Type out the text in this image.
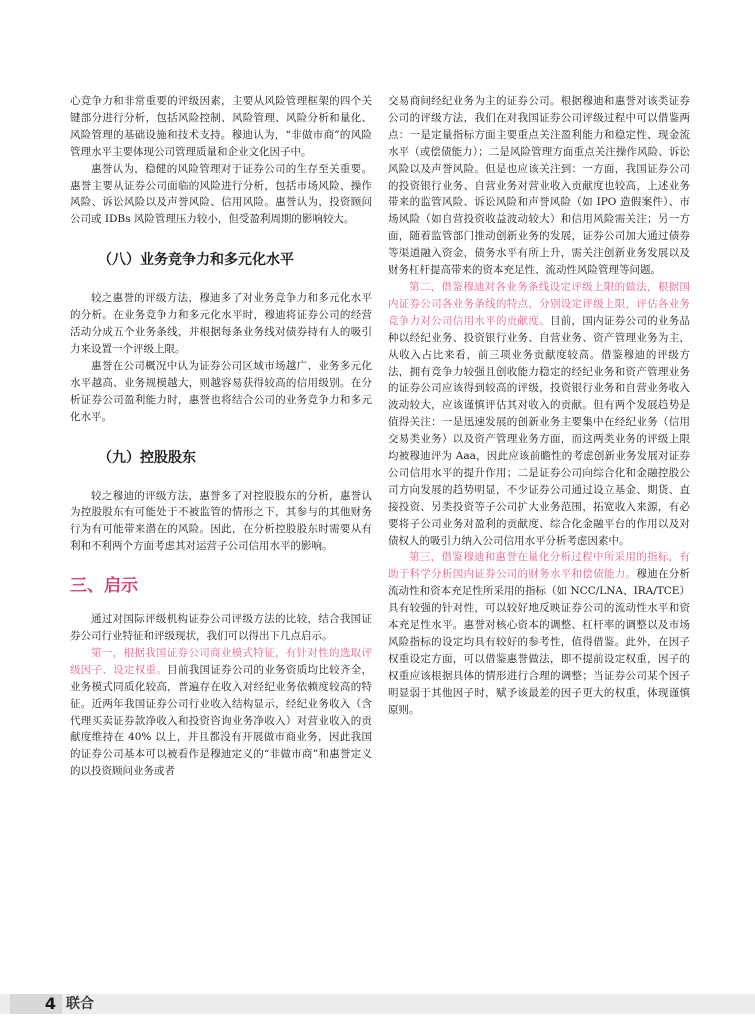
心竞争力和非常重要的评级因素，主要从风险管理框架的四个关键部分进行分析，包括风险控制、风险管理、风险分析和量化、风险管理的基础设施和技术支持。穆迪认为，“非做市商”的风险管理水平主要体现公司管理质量和企业文化因子中。

惠誉认为，稳健的风险管理对于证券公司的生存至关重要。惠誉主要从证券公司面临的风险进行分析，包括市场风险、操作风险、诉讼风险以及声誉风险、信用风险。惠誉认为，投资顾问公司或 IDBs 风险管理压力较小，但受盈利周期的影响较大。

（八）业务竞争力和多元化水平

较之惠誉的评级方法，穆迪多了对业务竞争力和多元化水平的分析。在业务竞争力和多元化水平时，穆迪将证券公司的经营活动分成五个业务条线，并根据每条业务线对债券持有人的吸引力来设置一个评级上限。

惠誉在公司概况中认为证券公司区域市场越广、业务多元化水平越高、业务规模越大，则越容易获得较高的信用级别。在分析证券公司盈利能力时，惠誉也将结合公司的业务竞争力和多元化水平。

（九）控股股东

较之穆迪的评级方法，惠誉多了对控股股东的分析，惠誉认为控股股东有可能处于不被监管的情形之下，其参与的其他财务行为有可能带来潜在的风险。因此，在分析控股股东时需要从有利和不利两个方面考虑其对运营子公司信用水平的影响。

三、启示

通过对国际评级机构证券公司评级方法的比较，结合我国证券公司行业特征和评级现状，我们可以得出下几点启示。

第一，根据我国证券公司商业模式特征，有针对性的选取评级因子、设定权重。目前我国证券公司的业务资质均比较齐全，业务模式同质化较高，普遍存在收入对经纪业务依赖度较高的特征。近两年我国证券公司行业收入结构显示，经纪业务收入（含代理买卖证券款净收入和投资咨询业务净收入）对营业收入的贡献度维持在 40% 以上，并且都没有开展做市商业务，因此我国的证券公司基本可以被看作是穆迪定义的“非做市商”和惠誉定义的以投资顾问业务或者

交易商间经纪业务为主的证券公司。根据穆迪和惠誉对该类证券公司的评级方法，我们在对我国证券公司评级过程中可以借鉴两点：一是定量指标方面主要重点关注盈利能力和稳定性、现金流水平（或偿债能力）；二是风险管理方面重点关注操作风险、诉讼风险以及声誉风险。但是也应该关注到：一方面，我国证券公司的投资银行业务、自营业务对营业收入贡献度也较高，上述业务带来的监管风险、诉讼风险和声誉风险（如 IPO 造假案件）、市场风险（如自营投资收益波动较大）和信用风险需关注；另一方面，随着监管部门推动创新业务的发展，证券公司加大通过债券等渠道融入资金，债务水平有所上升，需关注创新业务发展以及财务杠杆提高带来的资本充足性、流动性风险管理等问题。

第二，借鉴穆迪对各业务条线设定评级上限的做法，根据国内证券公司各业务条线的特点，分别设定评级上限，评估各业务竞争力对公司信用水平的贡献度。目前，国内证券公司的业务品种以经纪业务、投资银行业务、自营业务、资产管理业务为主，从收入占比来看，前三项业务贡献度较高。借鉴穆迪的评级方法，拥有竞争力较强且创收能力稳定的经纪业务和资产管理业务的证券公司应该得到较高的评级，投资银行业务和自营业务收入波动较大，应该谨慎评估其对收入的贡献。但有两个发展趋势是值得关注：一是迅速发展的创新业务主要集中在经纪业务（信用交易类业务）以及资产管理业务方面，而这两类业务的评级上限均被穆迪评为 Aaa，因此应该前瞻性的考虑创新业务发展对证券公司信用水平的提升作用；二是证券公司向综合化和金融控股公司方向发展的趋势明显，不少证券公司通过设立基金、期货、直接投资、另类投资等子公司扩大业务范围，拓宽收入来源，有必要将子公司业务对盈利的贡献度、综合化金融平台的作用以及对债权人的吸引力纳入公司信用水平分析考虑因素中。

第三，借鉴穆迪和惠誉在量化分析过程中所采用的指标，有助于科学分析国内证券公司的财务水平和偿债能力。穆迪在分析流动性和资本充足性所采用的指标（如 NCC/LNA、IRA/TCE）具有较强的针对性，可以较好地反映证券公司的流动性水平和资本充足性水平。惠誉对核心资本的调整、杠杆率的调整以及市场风险指标的设定均具有较好的参考性，值得借鉴。此外，在因子权重设定方面，可以借鉴惠誉做法，即不提前设定权重，因子的权重应该根据具体的情形进行合理的调整；当证券公司某个因子明显弱于其他因子时，赋予该最差的因子更大的权重，体现谨慎原则。

4 联合
